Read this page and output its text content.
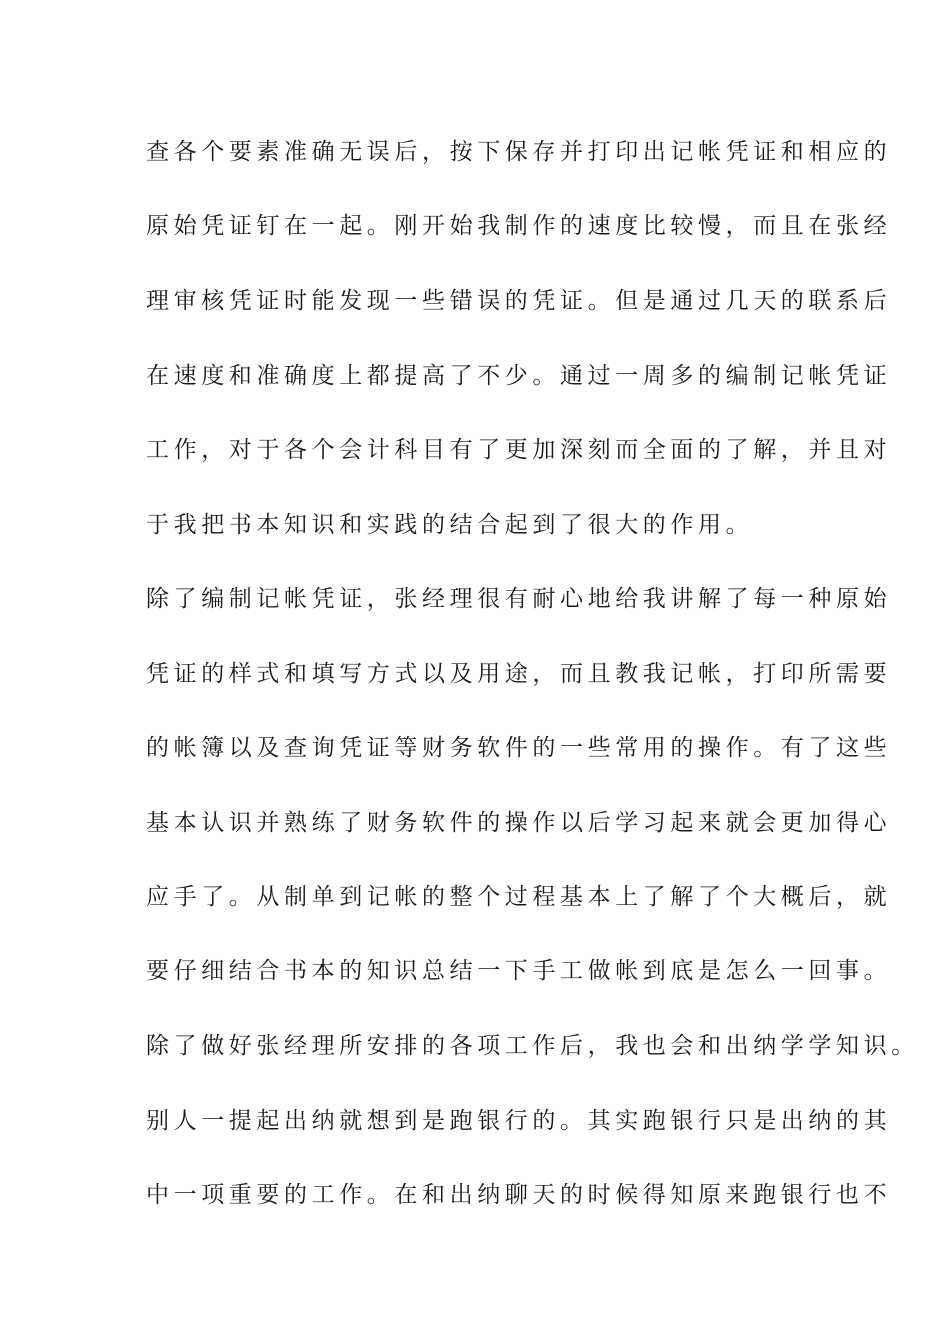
查各个要素准确无误后，按下保存并打印出记帐凭证和相应的
原始凭证钉在一起。刚开始我制作的速度比较慢，而且在张经
理审核凭证时能发现一些错误的凭证。但是通过几天的联系后
在速度和准确度上都提高了不少。通过一周多的编制记帐凭证
工作，对于各个会计科目有了更加深刻而全面的了解，并且对
于我把书本知识和实践的结合起到了很大的作用。
除了编制记帐凭证，张经理很有耐心地给我讲解了每一种原始
凭证的样式和填写方式以及用途，而且教我记帐，打印所需要
的帐簿以及查询凭证等财务软件的一些常用的操作。有了这些
基本认识并熟练了财务软件的操作以后学习起来就会更加得心
应手了。从制单到记帐的整个过程基本上了解了个大概后，就
要仔细结合书本的知识总结一下手工做帐到底是怎么一回事。
除了做好张经理所安排的各项工作后，我也会和出纳学学知识。
别人一提起出纳就想到是跑银行的。其实跑银行只是出纳的其
中一项重要的工作。在和出纳聊天的时候得知原来跑银行也不
